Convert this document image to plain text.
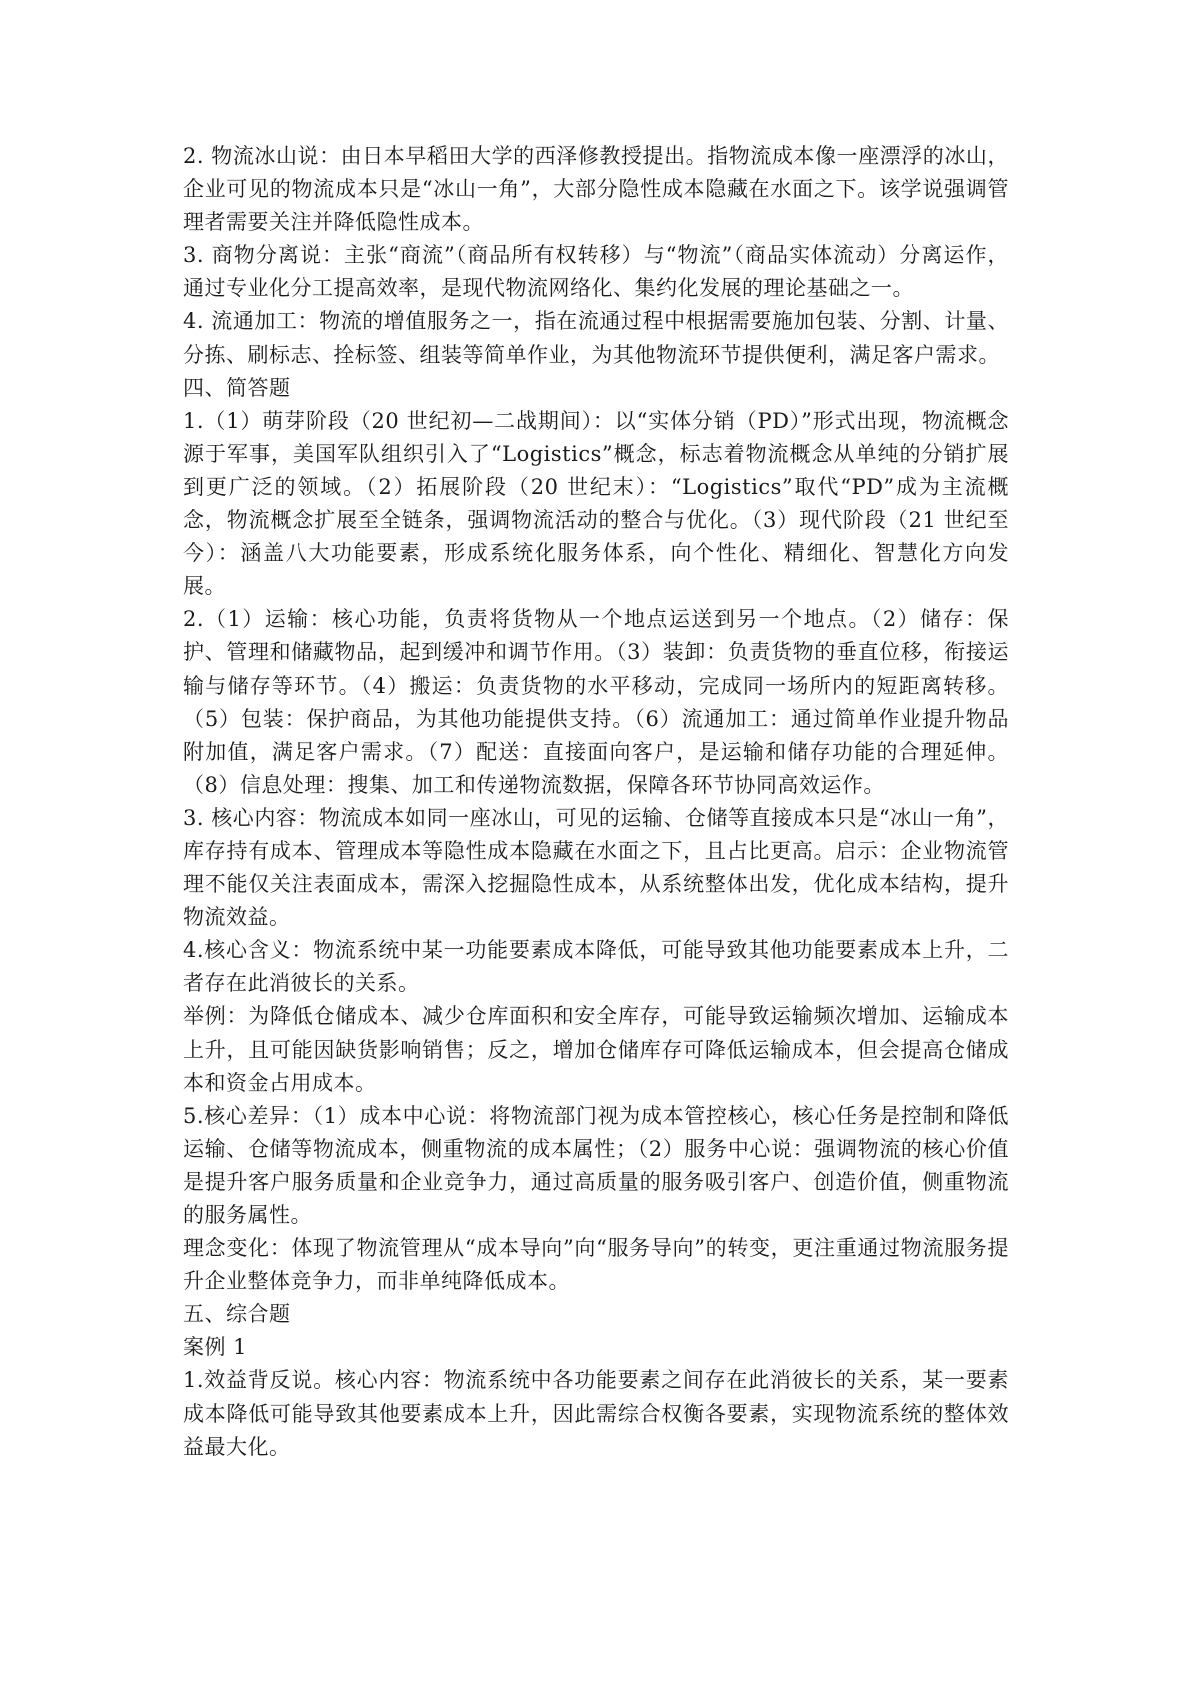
2. 物流冰山说：由日本早稻田大学的西泽修教授提出。指物流成本像一座漂浮的冰山，企业可见的物流成本只是“冰山一角”，大部分隐性成本隐藏在水面之下。该学说强调管理者需要关注并降低隐性成本。

3. 商物分离说：主张“商流”（商品所有权转移）与“物流”（商品实体流动）分离运作，通过专业化分工提高效率，是现代物流网络化、集约化发展的理论基础之一。

4. 流通加工：物流的增值服务之一，指在流通过程中根据需要施加包装、分割、计量、分拣、刷标志、拴标签、组装等简单作业，为其他物流环节提供便利，满足客户需求。

四、简答题

1.（1）萌芽阶段（20 世纪初—二战期间）：以“实体分销（PD）”形式出现，物流概念源于军事，美国军队组织引入了“Logistics”概念，标志着物流概念从单纯的分销扩展到更广泛的领域。（2）拓展阶段（20 世纪末）：“Logistics”取代“PD”成为主流概念，物流概念扩展至全链条，强调物流活动的整合与优化。（3）现代阶段（21 世纪至今）：涵盖八大功能要素，形成系统化服务体系，向个性化、精细化、智慧化方向发展。

2.（1）运输：核心功能，负责将货物从一个地点运送到另一个地点。（2）储存：保护、管理和储藏物品，起到缓冲和调节作用。（3）装卸：负责货物的垂直位移，衔接运输与储存等环节。（4）搬运：负责货物的水平移动，完成同一场所内的短距离转移。（5）包装：保护商品，为其他功能提供支持。（6）流通加工：通过简单作业提升物品附加值，满足客户需求。（7）配送：直接面向客户，是运输和储存功能的合理延伸。（8）信息处理：搜集、加工和传递物流数据，保障各环节协同高效运作。

3. 核心内容：物流成本如同一座冰山，可见的运输、仓储等直接成本只是“冰山一角”，库存持有成本、管理成本等隐性成本隐藏在水面之下，且占比更高。启示：企业物流管理不能仅关注表面成本，需深入挖掘隐性成本，从系统整体出发，优化成本结构，提升物流效益。

4.核心含义：物流系统中某一功能要素成本降低，可能导致其他功能要素成本上升，二者存在此消彼长的关系。

举例：为降低仓储成本、减少仓库面积和安全库存，可能导致运输频次增加、运输成本上升，且可能因缺货影响销售；反之，增加仓储库存可降低运输成本，但会提高仓储成本和资金占用成本。

5.核心差异：（1）成本中心说：将物流部门视为成本管控核心，核心任务是控制和降低运输、仓储等物流成本，侧重物流的成本属性；（2）服务中心说：强调物流的核心价值是提升客户服务质量和企业竞争力，通过高质量的服务吸引客户、创造价值，侧重物流的服务属性。

理念变化：体现了物流管理从“成本导向”向“服务导向”的转变，更注重通过物流服务提升企业整体竞争力，而非单纯降低成本。

五、综合题

案例 1

1.效益背反说。核心内容：物流系统中各功能要素之间存在此消彼长的关系，某一要素成本降低可能导致其他要素成本上升，因此需综合权衡各要素，实现物流系统的整体效益最大化。
